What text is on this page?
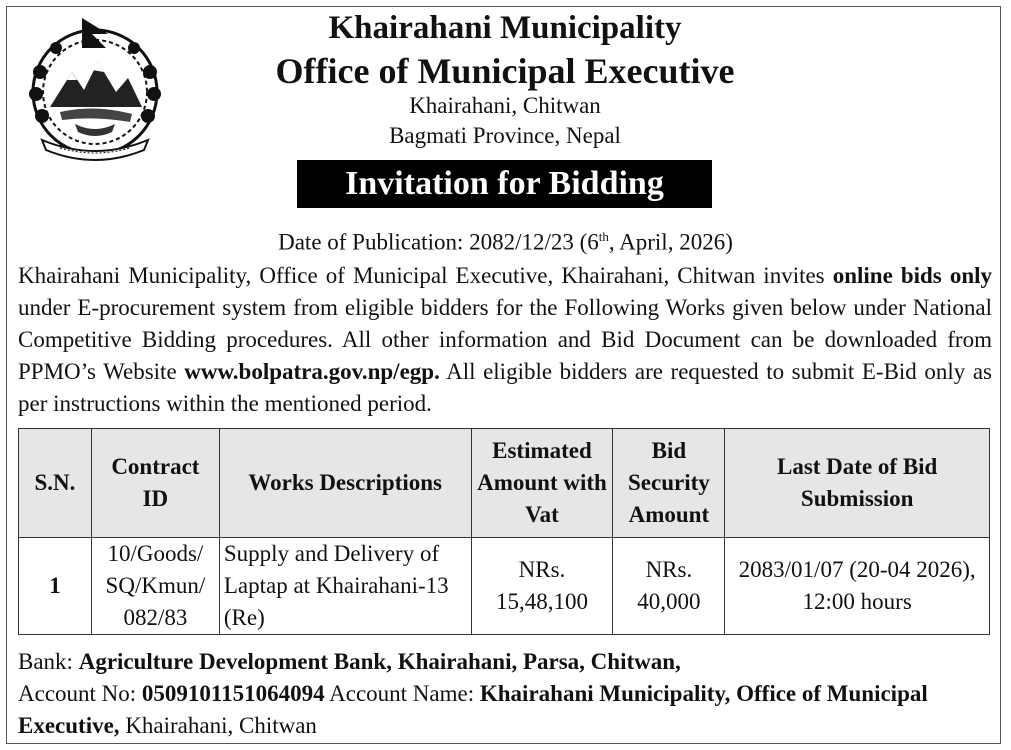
Khairahani Municipality
Office of Municipal Executive
Khairahani, Chitwan
Bagmati Province, Nepal
Invitation for Bidding
Date of Publication: 2082/12/23 (6th, April, 2026)

Khairahani Municipality, Office of Municipal Executive, Khairahani, Chitwan invites online bids only under E-procurement system from eligible bidders for the Following Works given below under National Competitive Bidding procedures. All other information and Bid Document can be downloaded from PPMO’s Website www.bolpatra.gov.np/egp. All eligible bidders are requested to submit E-Bid only as per instructions within the mentioned period.

S.N.	Contract ID	Works Descriptions	Estimated Amount with Vat	Bid Security Amount	Last Date of Bid Submission
1	10/Goods/ SQ/Kmun/ 082/83	Supply and Delivery of Laptap at Khairahani-13 (Re)	NRs. 15,48,100	NRs. 40,000	2083/01/07 (20-04 2026), 12:00 hours

Bank: Agriculture Development Bank, Khairahani, Parsa, Chitwan,
Account No: 0509101151064094 Account Name: Khairahani Municipality, Office of Municipal Executive, Khairahani, Chitwan
